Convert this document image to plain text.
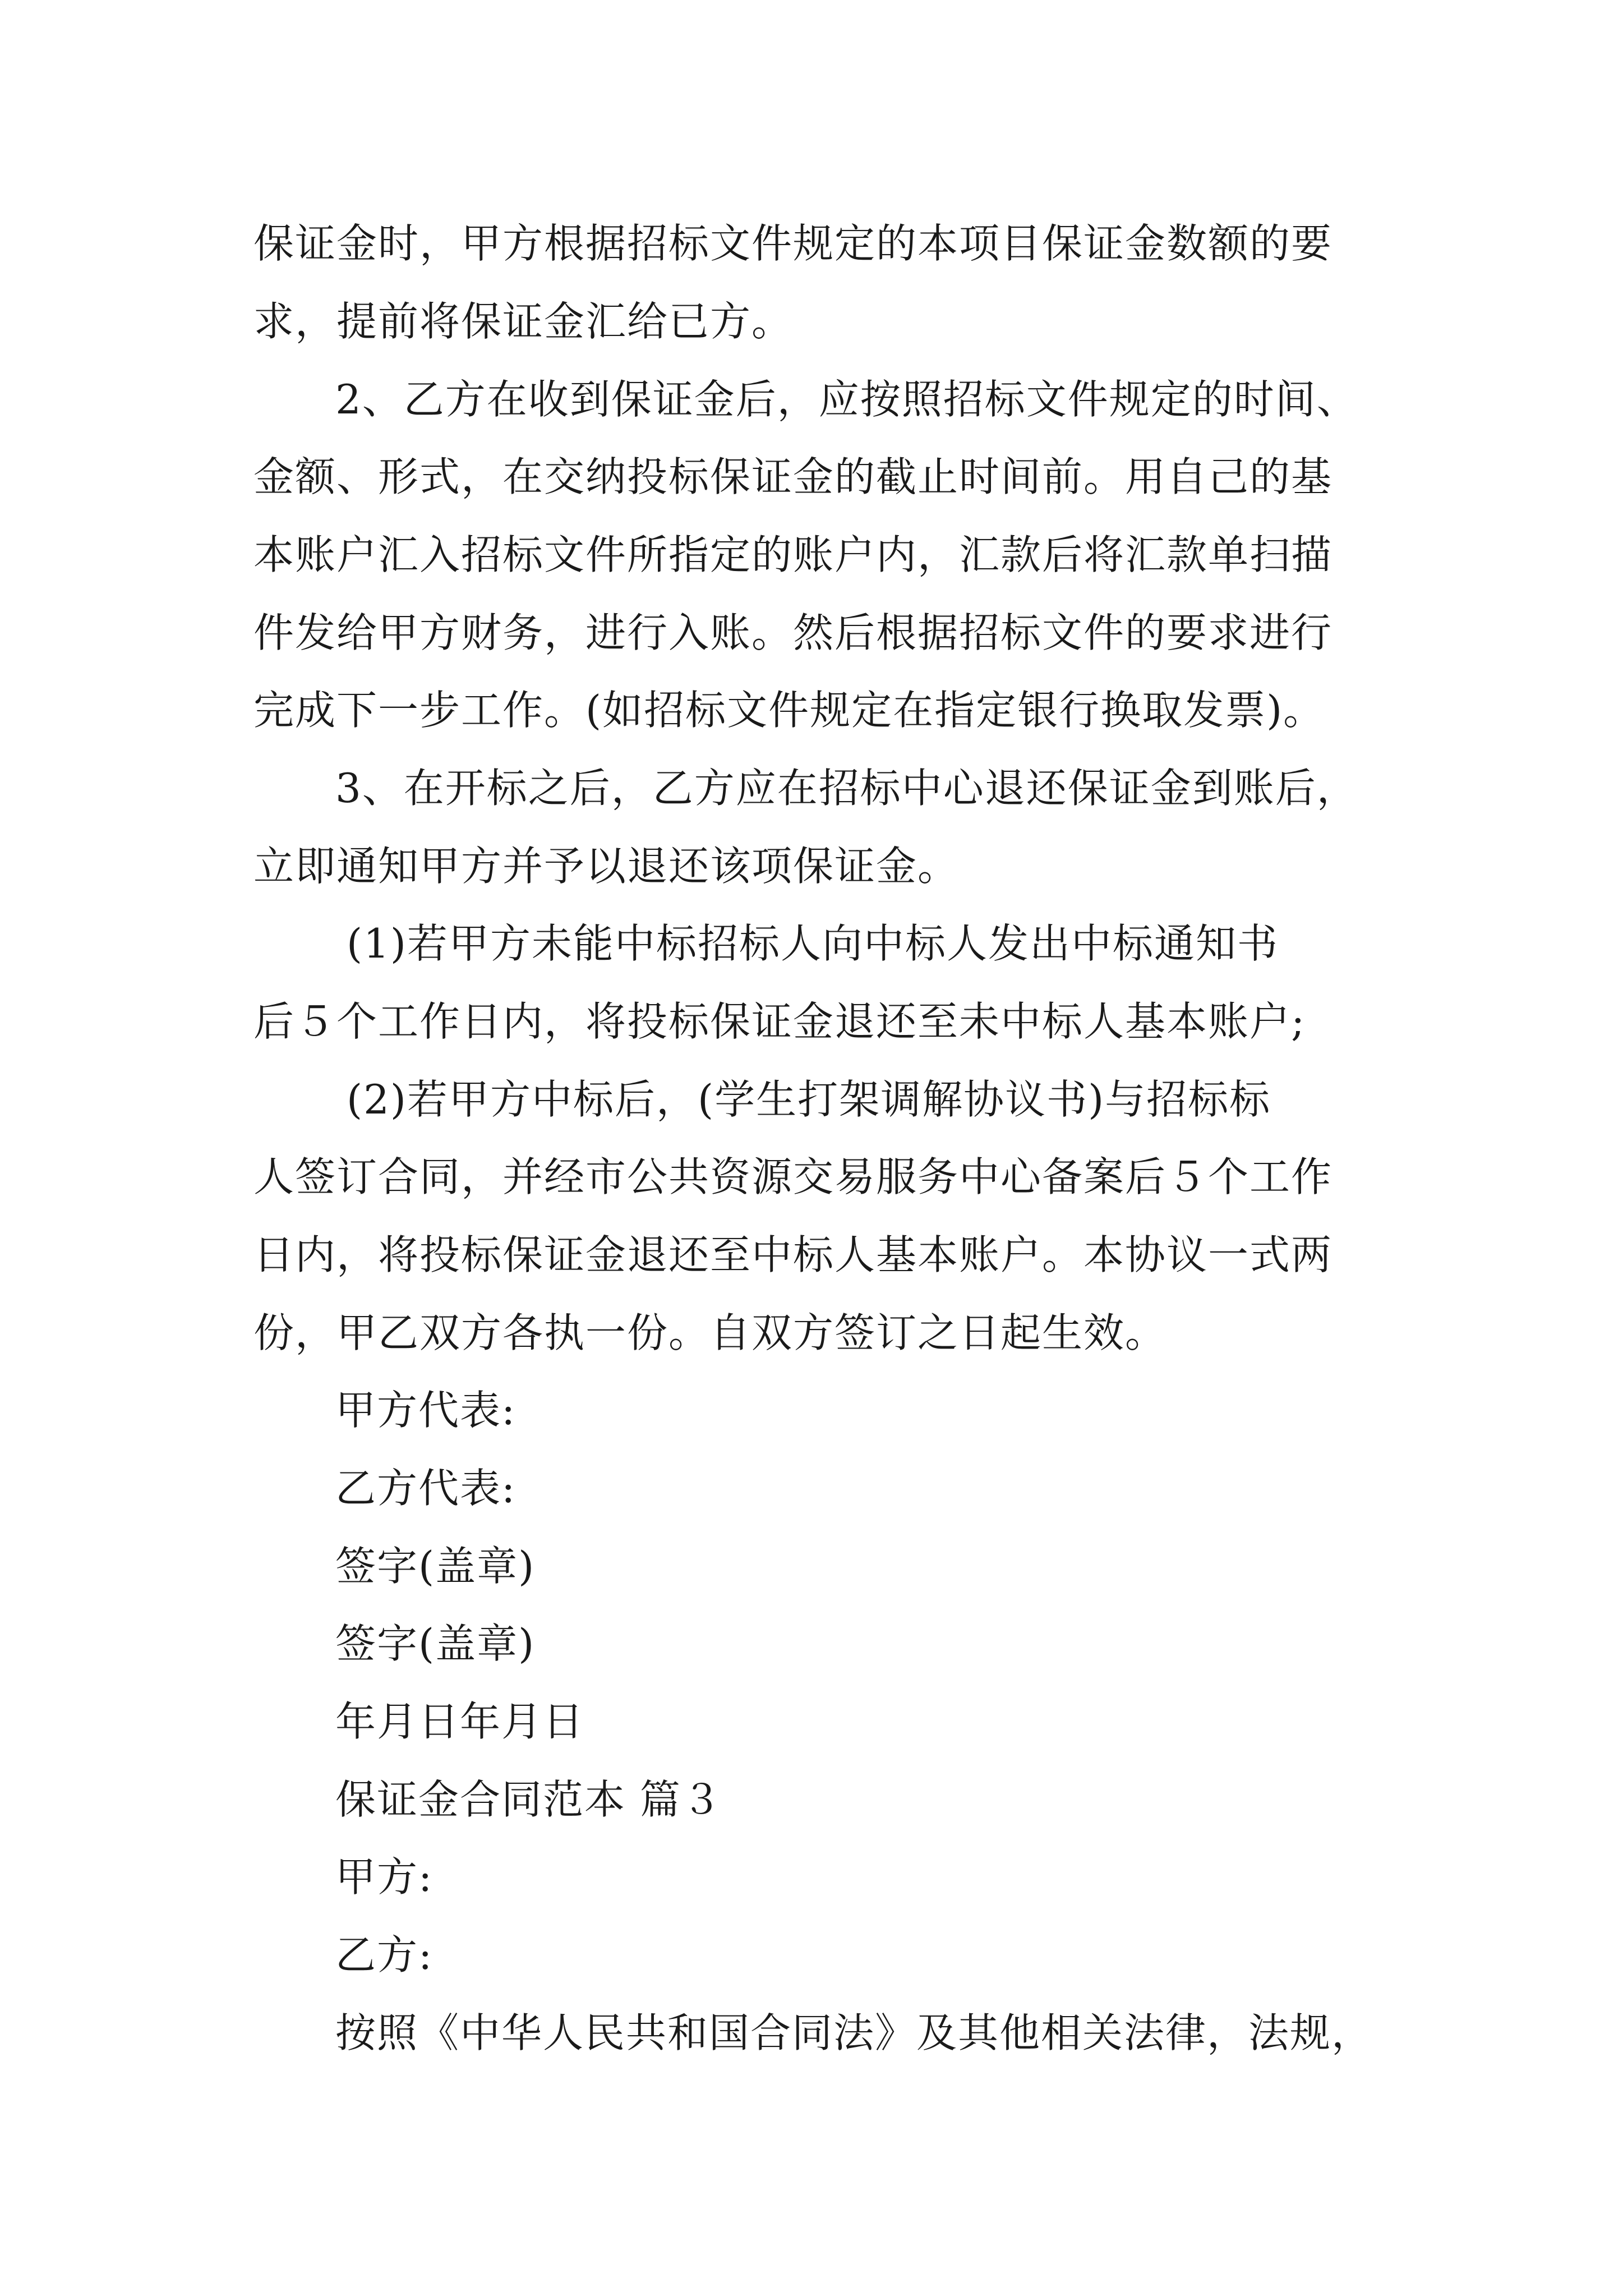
保证金时，甲方根据招标文件规定的本项目保证金数额的要
求，提前将保证金汇给已方。
2、乙方在收到保证金后，应按照招标文件规定的时间、
金额、形式，在交纳投标保证金的截止时间前。用自己的基
本账户汇入招标文件所指定的账户内，汇款后将汇款单扫描
件发给甲方财务，进行入账。然后根据招标文件的要求进行
完成下一步工作。(如招标文件规定在指定银行换取发票)。
3、在开标之后，乙方应在招标中心退还保证金到账后，
立即通知甲方并予以退还该项保证金。
(1)若甲方未能中标招标人向中标人发出中标通知书
后５个工作日内，将投标保证金退还至未中标人基本账户;
(2)若甲方中标后，(学生打架调解协议书)与招标标
人签订合同，并经市公共资源交易服务中心备案后５个工作
日内，将投标保证金退还至中标人基本账户。本协议一式两
份，甲乙双方各执一份。自双方签订之日起生效。
甲方代表:
乙方代表:
签字(盖章)
签字(盖章)
年月日年月日
保证金合同范本 篇３
甲方:
乙方:
按照《中华人民共和国合同法》及其他相关法律，法规，
